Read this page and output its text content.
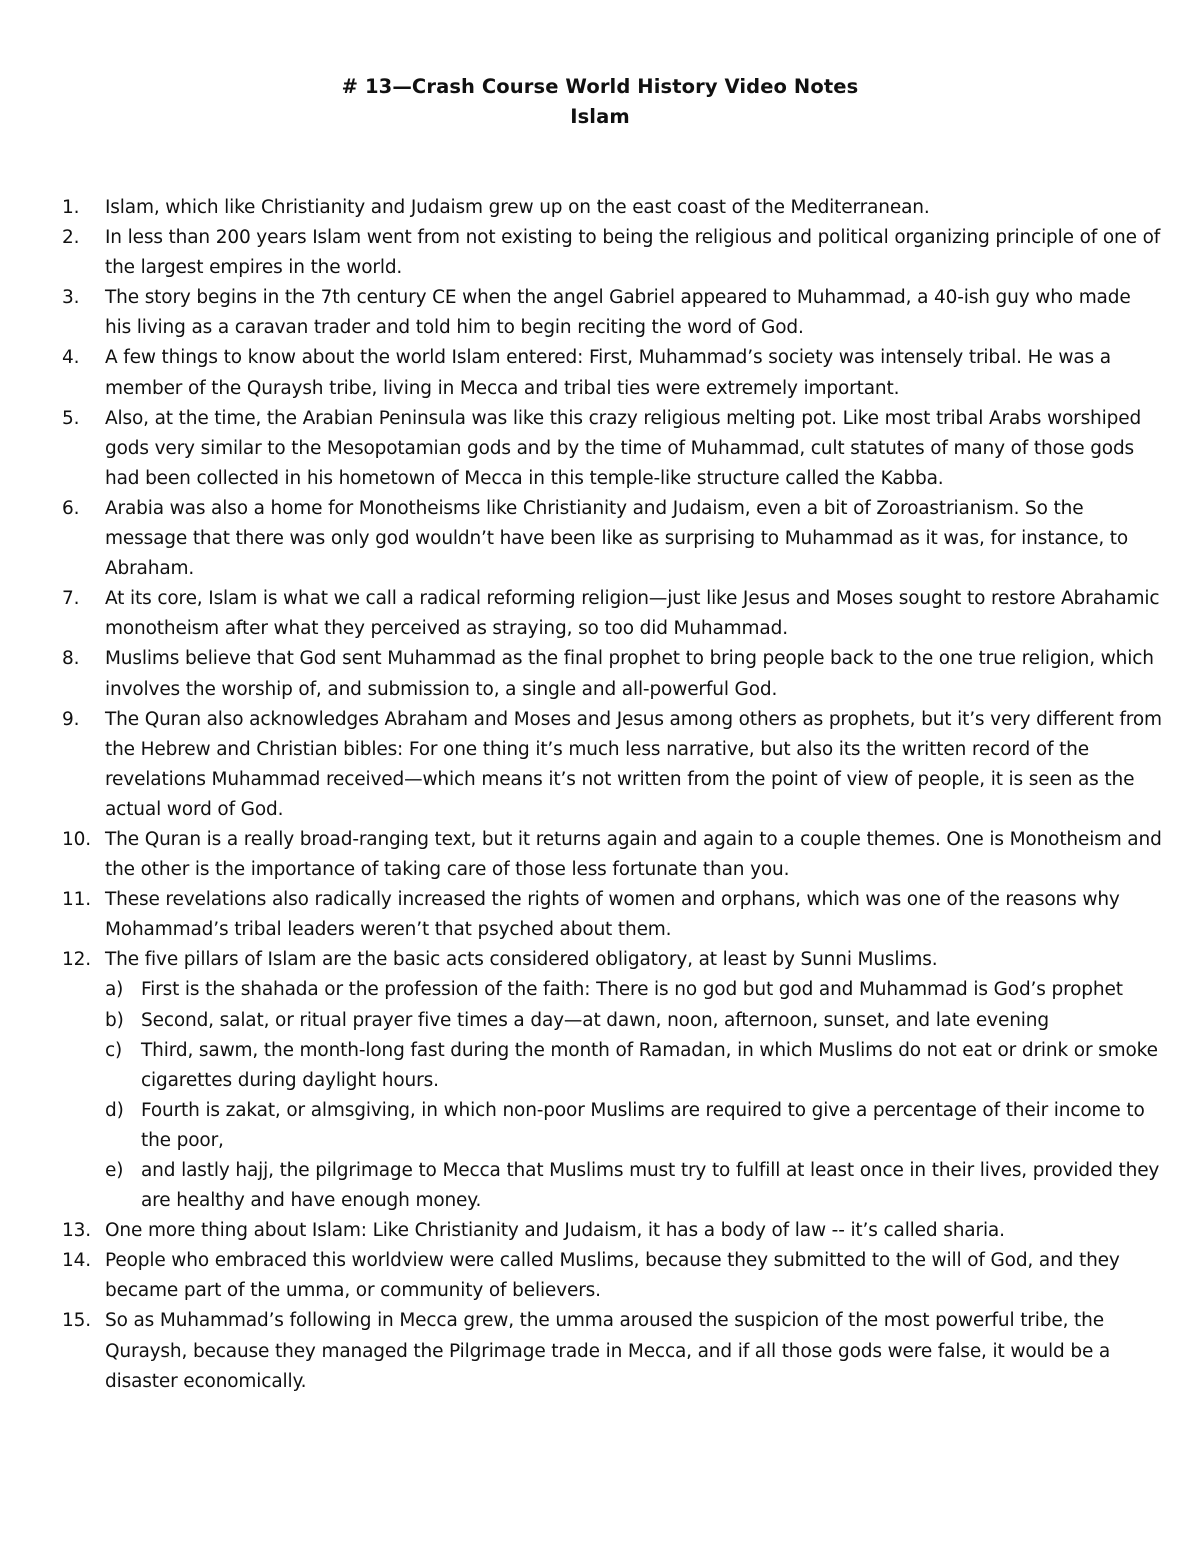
# 13—Crash Course World History Video Notes
Islam
1.	Islam, which like Christianity and Judaism grew up on the east coast of the Mediterranean.
2.	In less than 200 years Islam went from not existing to being the religious and political organizing principle of one of the largest empires in the world.
3.	The story begins in the 7th century CE when the angel Gabriel appeared to Muhammad, a 40-ish guy who made his living as a caravan trader and told him to begin reciting the word of God.
4.	A few things to know about the world Islam entered: First, Muhammad’s society was intensely tribal. He was a member of the Quraysh tribe, living in Mecca and tribal ties were extremely important.
5.	Also, at the time, the Arabian Peninsula was like this crazy religious melting pot. Like most tribal Arabs worshiped gods very similar to the Mesopotamian gods and by the time of Muhammad, cult statutes of many of those gods had been collected in his hometown of Mecca in this temple-like structure called the Kabba.
6.	Arabia was also a home for Monotheisms like Christianity and Judaism, even a bit of Zoroastrianism. So the message that there was only god wouldn’t have been like as surprising to Muhammad as it was, for instance, to Abraham.
7.	At its core, Islam is what we call a radical reforming religion—just like Jesus and Moses sought to restore Abrahamic monotheism after what they perceived as straying, so too did Muhammad.
8.	Muslims believe that God sent Muhammad as the final prophet to bring people back to the one true religion, which involves the worship of, and submission to, a single and all-powerful God.
9.	The Quran also acknowledges Abraham and Moses and Jesus among others as prophets, but it’s very different from the Hebrew and Christian bibles: For one thing it’s much less narrative, but also its the written record of the revelations Muhammad received—which means it’s not written from the point of view of people, it is seen as the actual word of God.
10. The Quran is a really broad-ranging text, but it returns again and again to a couple themes. One is Monotheism and the other is the importance of taking care of those less fortunate than you.
11. These revelations also radically increased the rights of women and orphans, which was one of the reasons why Mohammad’s tribal leaders weren’t that psyched about them.
12. The five pillars of Islam are the basic acts considered obligatory, at least by Sunni Muslims.
a) First is the shahada or the profession of the faith: There is no god but god and Muhammad is God’s prophet
b) Second, salat, or ritual prayer five times a day—at dawn, noon, afternoon, sunset, and late evening
c)	Third, sawm, the month-long fast during the month of Ramadan, in which Muslims do not eat or drink or smoke cigarettes during daylight hours.
d) Fourth is zakat, or almsgiving, in which non-poor Muslims are required to give a percentage of their income to the poor,
e) and lastly hajj, the pilgrimage to Mecca that Muslims must try to fulfill at least once in their lives, provided they are healthy and have enough money.
13. One more thing about Islam: Like Christianity and Judaism, it has a body of law -- it’s called sharia.
14. People who embraced this worldview were called Muslims, because they submitted to the will of God, and they became part of the umma, or community of believers.
15. So as Muhammad’s following in Mecca grew, the umma aroused the suspicion of the most powerful tribe, the Quraysh, because they managed the Pilgrimage trade in Mecca, and if all those gods were false, it would be a disaster economically.
